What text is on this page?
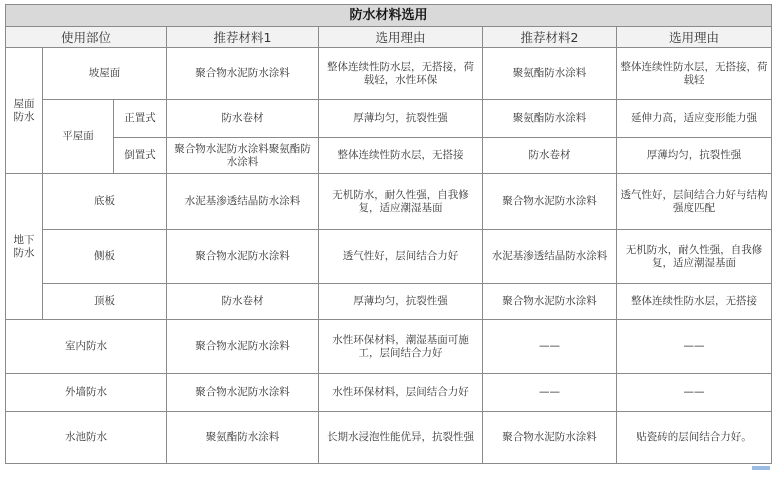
防水材料选用						
使用部位			推荐材料1	选用理由	推荐材料2	选用理由
屋面防水	坡屋面		聚合物水泥防水涂料	整体连续性防水层，无搭接，荷载轻，水性环保	聚氨酯防水涂料	整体连续性防水层，无搭接，荷载轻
	平屋面	正置式	防水卷材	厚薄均匀，抗裂性强	聚氨酯防水涂料	延伸力高，适应变形能力强
		倒置式	聚合物水泥防水涂料聚氨酯防水涂料	整体连续性防水层，无搭接	防水卷材	厚薄均匀，抗裂性强
地下防水	底板		水泥基渗透结晶防水涂料	无机防水，耐久性强，自我修复，适应潮湿基面	聚合物水泥防水涂料	透气性好，层间结合力好与结构强度匹配
	侧板		聚合物水泥防水涂料	透气性好，层间结合力好	水泥基渗透结晶防水涂料	无机防水，耐久性强，自我修复，适应潮湿基面
	顶板		防水卷材	厚薄均匀，抗裂性强	聚合物水泥防水涂料	整体连续性防水层，无搭接
室内防水			聚合物水泥防水涂料	水性环保材料，潮湿基面可施工，层间结合力好	——	——
外墙防水			聚合物水泥防水涂料	水性环保材料，层间结合力好	——	——
水池防水			聚氨酯防水涂料	长期水浸泡性能优异，抗裂性强	聚合物水泥防水涂料	贴瓷砖的层间结合力好。
